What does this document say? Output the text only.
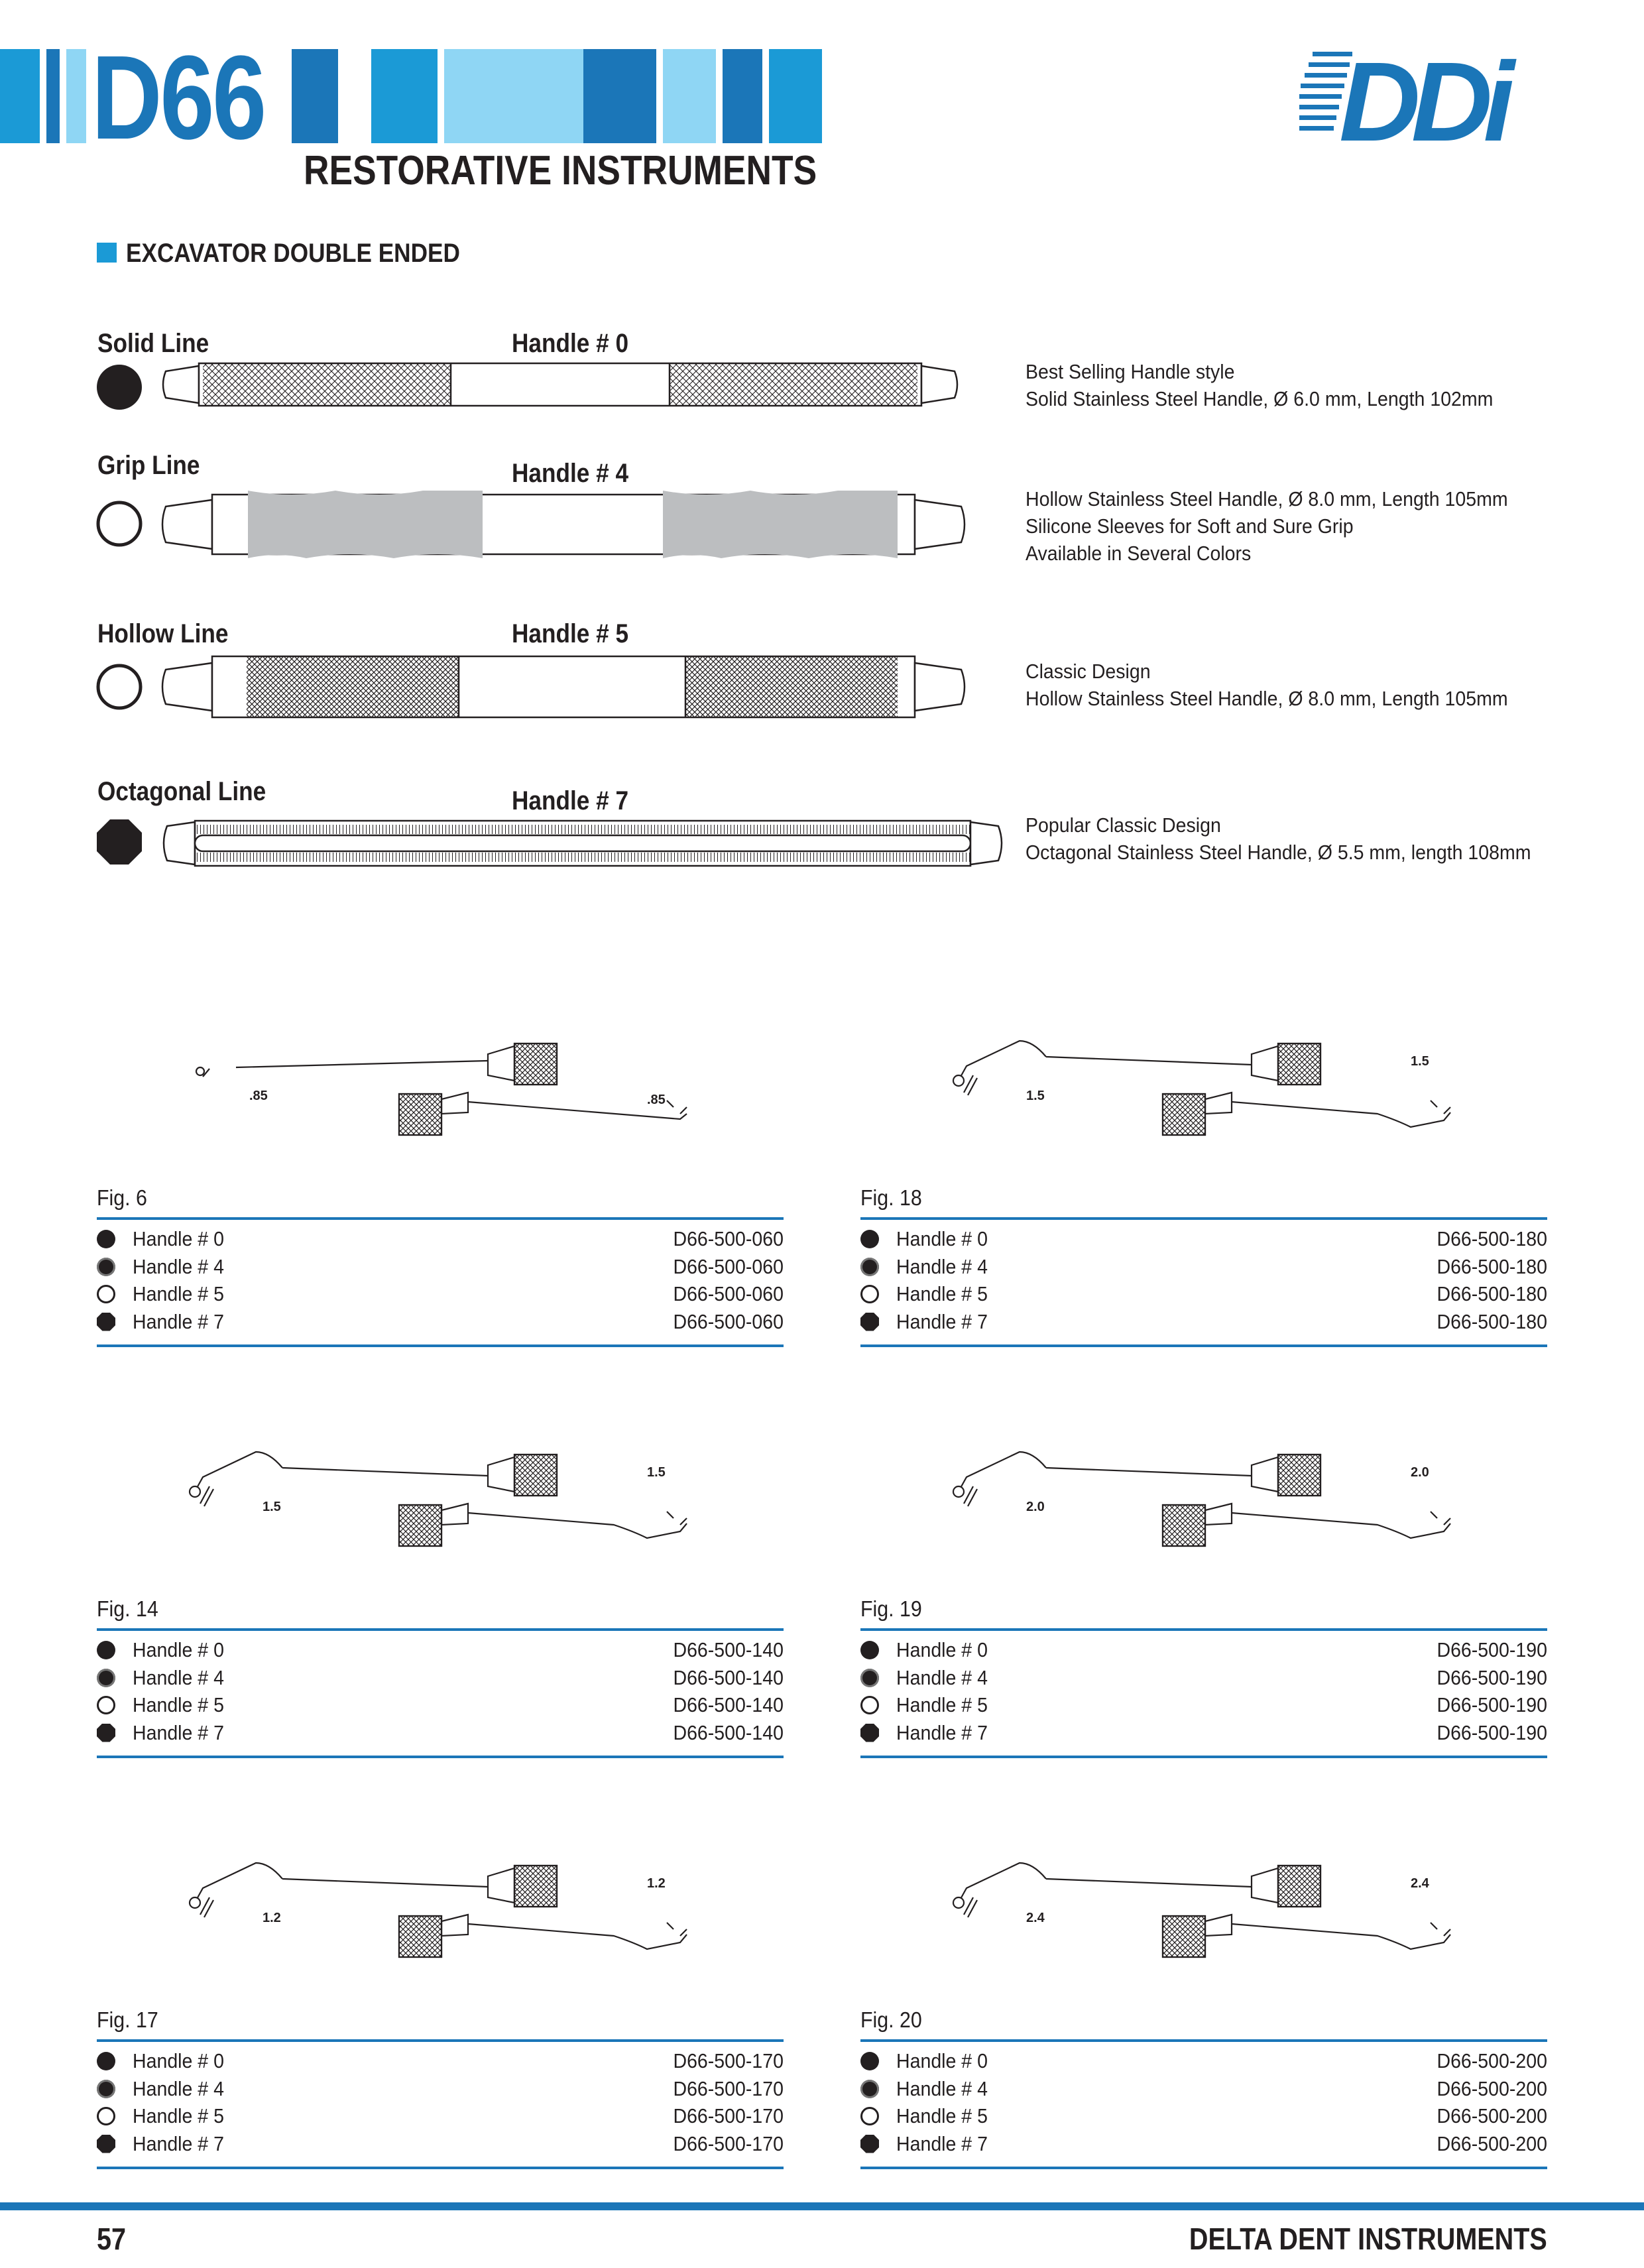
D66
RESTORATIVE INSTRUMENTS
DDi
EXCAVATOR DOUBLE ENDED
Solid Line	Handle # 0
Best Selling Handle style
Solid Stainless Steel Handle, Ø 6.0 mm, Length 102mm
Grip Line	Handle # 4
Hollow Stainless Steel Handle, Ø 8.0 mm, Length 105mm
Silicone Sleeves for Soft and Sure Grip
Available in Several Colors
Hollow Line	Handle # 5
Classic Design
Hollow Stainless Steel Handle, Ø 8.0 mm, Length 105mm
Octagonal Line	Handle # 7
Popular Classic Design
Octagonal Stainless Steel Handle, Ø 5.5 mm, length 108mm
.85	.85
Fig. 6
Handle # 0	D66-500-060
Handle # 4	D66-500-060
Handle # 5	D66-500-060
Handle # 7	D66-500-060
1.5
1.5
Fig. 18
Handle # 0	D66-500-180
Handle # 4	D66-500-180
Handle # 5	D66-500-180
Handle # 7	D66-500-180
1.5
1.5
Fig. 14
Handle # 0	D66-500-140
Handle # 4	D66-500-140
Handle # 5	D66-500-140
Handle # 7	D66-500-140
2.0
2.0
Fig. 19
Handle # 0	D66-500-190
Handle # 4	D66-500-190
Handle # 5	D66-500-190
Handle # 7	D66-500-190
1.2
1.2
Fig. 17
Handle # 0	D66-500-170
Handle # 4	D66-500-170
Handle # 5	D66-500-170
Handle # 7	D66-500-170
2.4
2.4
Fig. 20
Handle # 0	D66-500-200
Handle # 4	D66-500-200
Handle # 5	D66-500-200
Handle # 7	D66-500-200
57	DELTA DENT INSTRUMENTS
